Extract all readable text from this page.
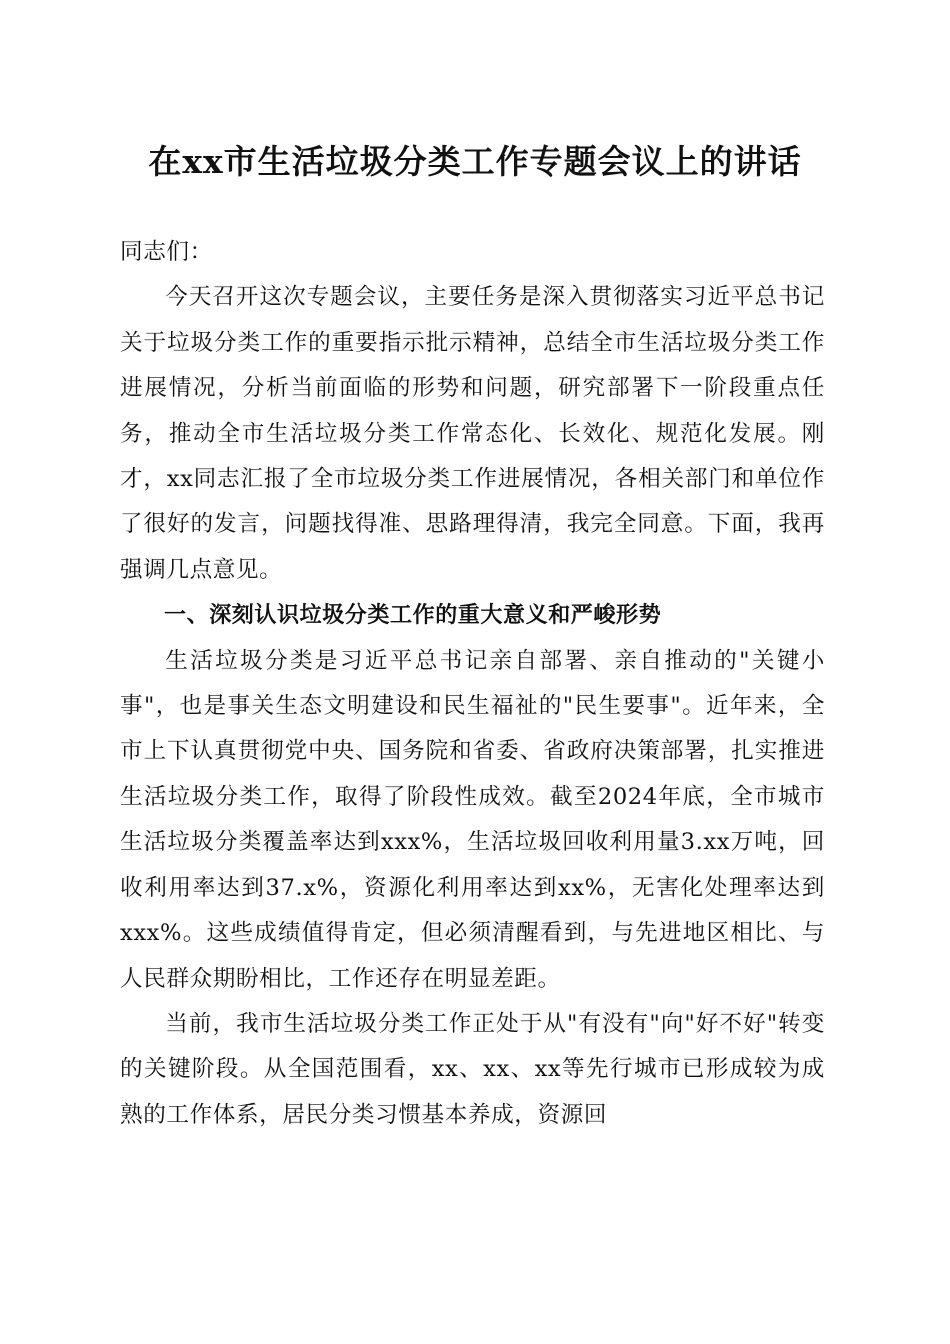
在xx市生活垃圾分类工作专题会议上的讲话

同志们：

今天召开这次专题会议，主要任务是深入贯彻落实习近平总书记关于垃圾分类工作的重要指示批示精神，总结全市生活垃圾分类工作进展情况，分析当前面临的形势和问题，研究部署下一阶段重点任务，推动全市生活垃圾分类工作常态化、长效化、规范化发展。刚才，xx同志汇报了全市垃圾分类工作进展情况，各相关部门和单位作了很好的发言，问题找得准、思路理得清，我完全同意。下面，我再强调几点意见。

一、深刻认识垃圾分类工作的重大意义和严峻形势

生活垃圾分类是习近平总书记亲自部署、亲自推动的"关键小事"，也是事关生态文明建设和民生福祉的"民生要事"。近年来，全市上下认真贯彻党中央、国务院和省委、省政府决策部署，扎实推进生活垃圾分类工作，取得了阶段性成效。截至2024年底，全市城市生活垃圾分类覆盖率达到xxx%，生活垃圾回收利用量3.xx万吨，回收利用率达到37.x%，资源化利用率达到xx%，无害化处理率达到xxx%。这些成绩值得肯定，但必须清醒看到，与先进地区相比、与人民群众期盼相比，工作还存在明显差距。

当前，我市生活垃圾分类工作正处于从"有没有"向"好不好"转变的关键阶段。从全国范围看，xx、xx、xx等先行城市已形成较为成熟的工作体系，居民分类习惯基本养成，资源回
